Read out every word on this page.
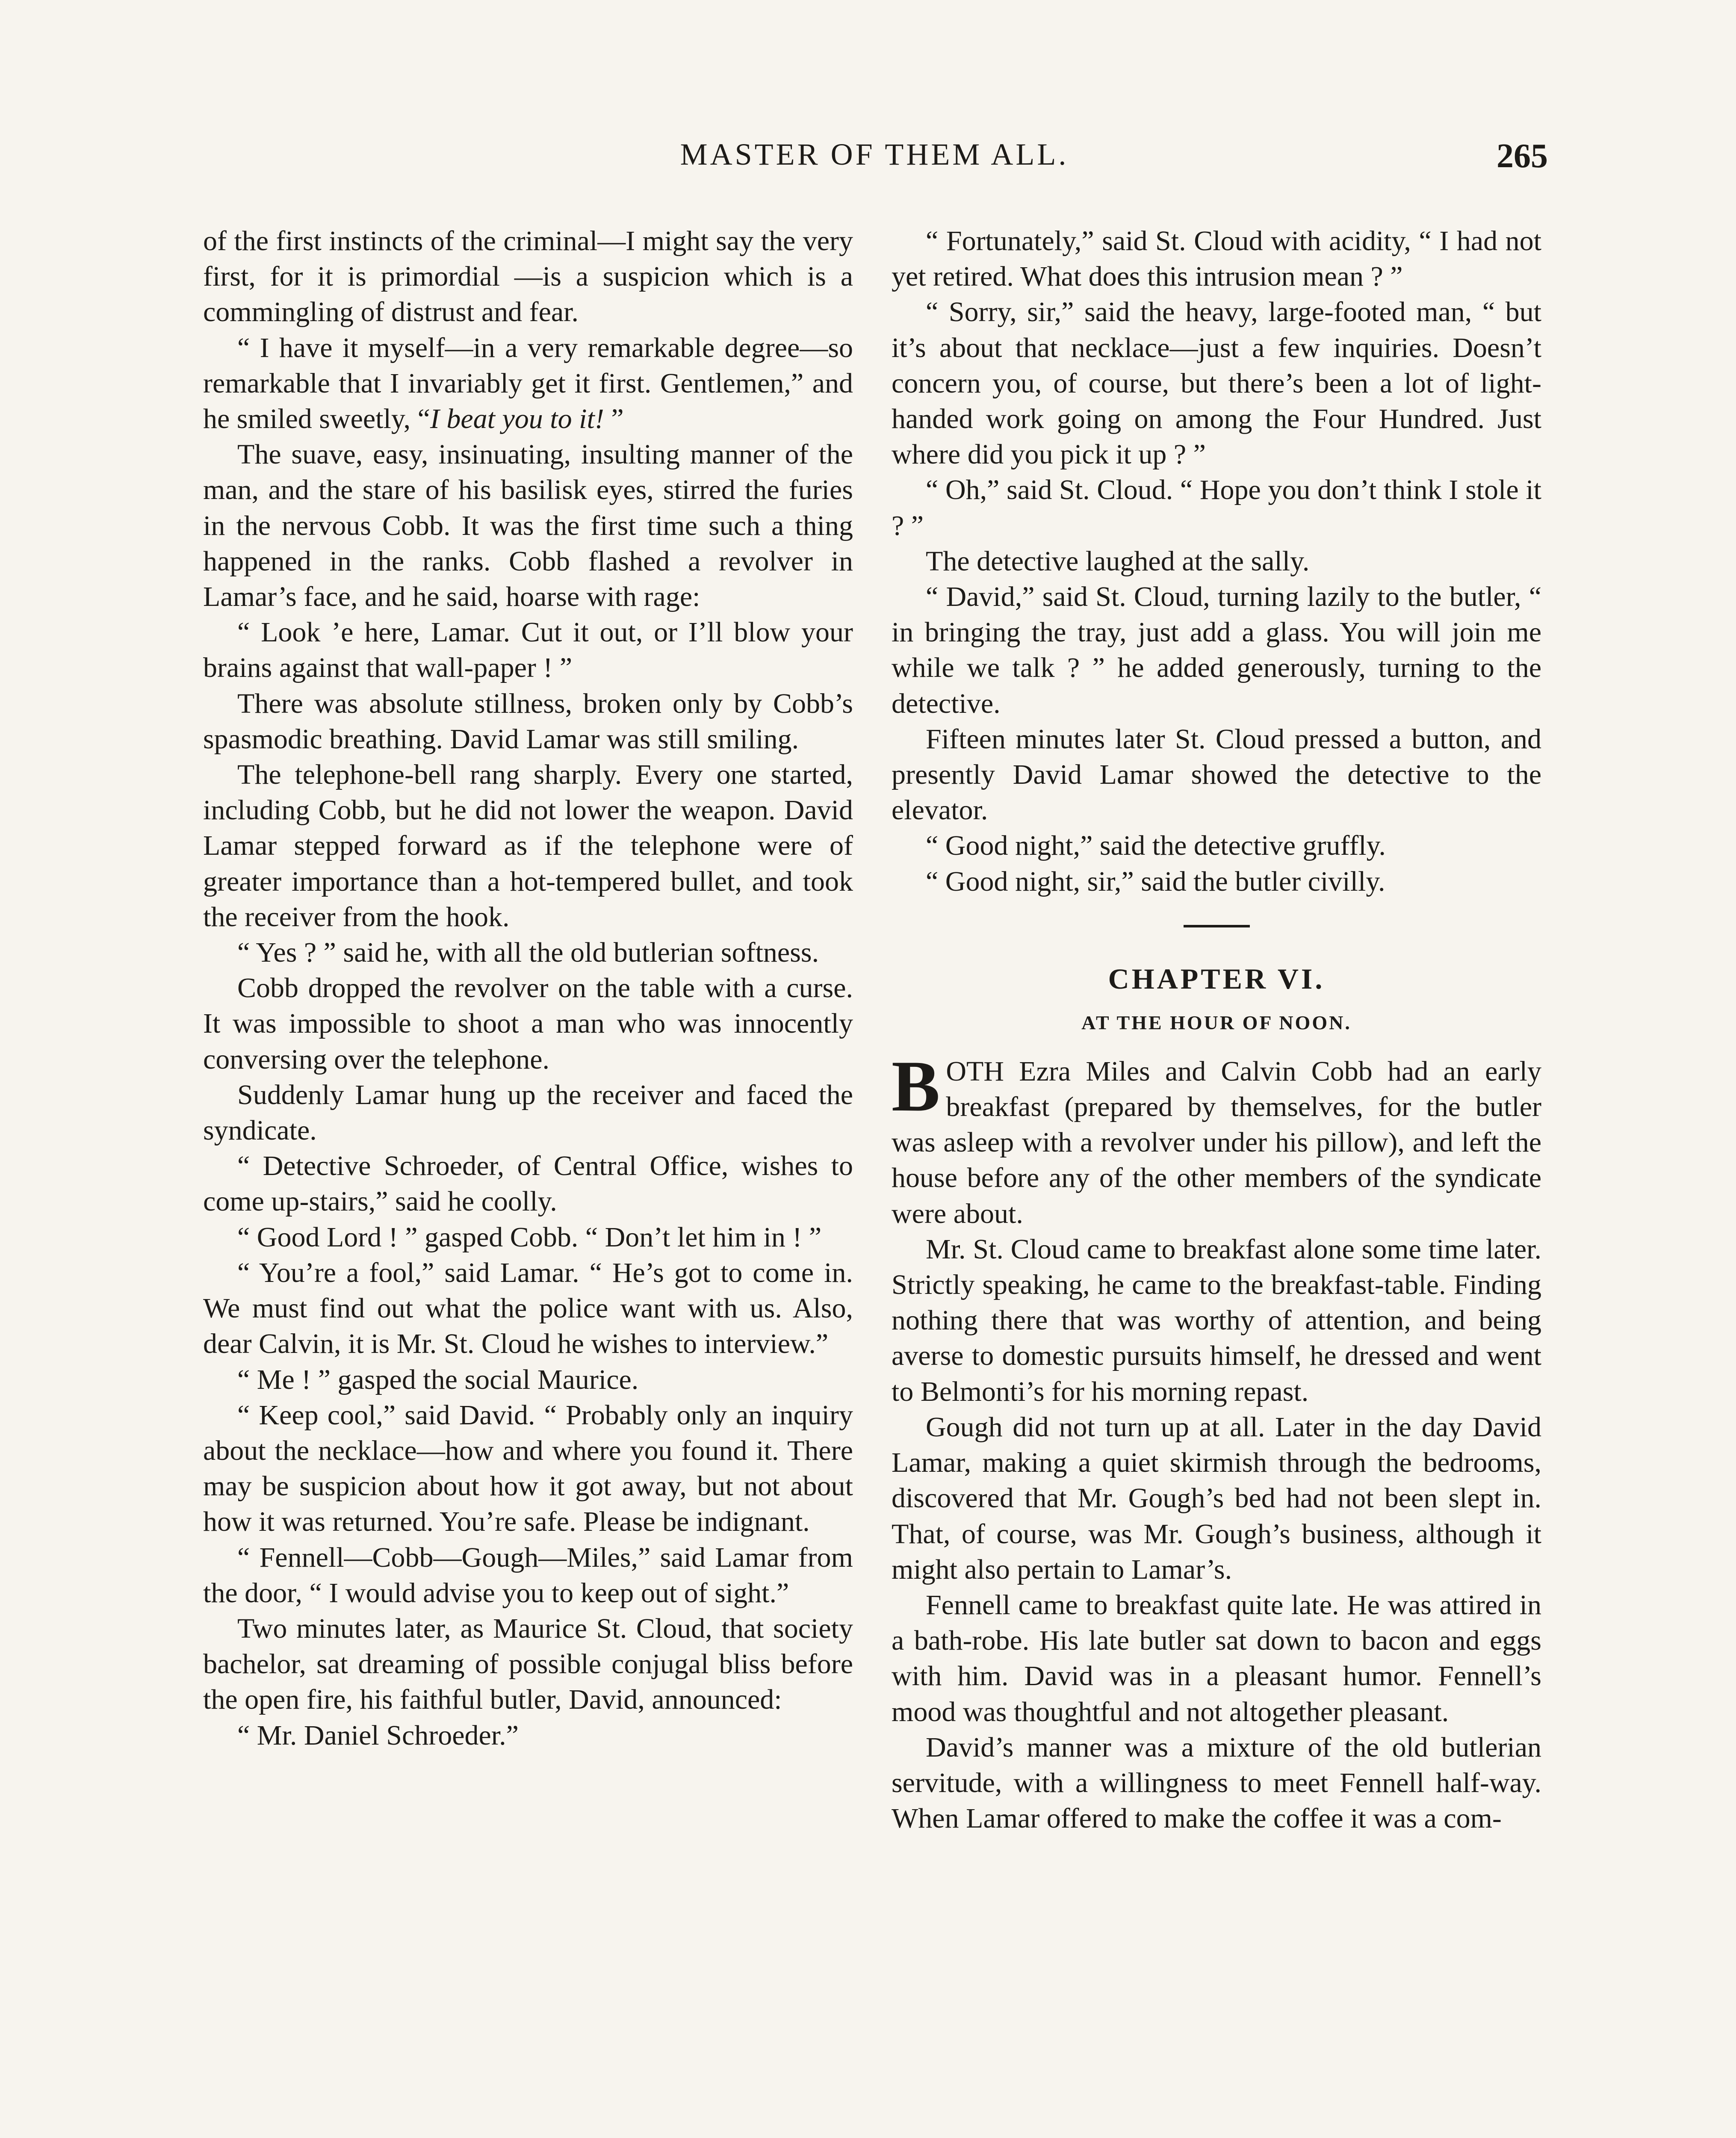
MASTER OF THEM ALL.	265

of the first instincts of the criminal—I might say the very first, for it is primordial —is a suspicion which is a commingling of distrust and fear.

“ I have it myself—in a very remarkable degree—so remarkable that I invariably get it first. Gentlemen,” and he smiled sweetly, “I beat you to it! ”

The suave, easy, insinuating, insulting manner of the man, and the stare of his basilisk eyes, stirred the furies in the nervous Cobb. It was the first time such a thing happened in the ranks. Cobb flashed a revolver in Lamar’s face, and he said, hoarse with rage:

“ Look ’e here, Lamar. Cut it out, or I’ll blow your brains against that wall-paper ! ”

There was absolute stillness, broken only by Cobb’s spasmodic breathing. David Lamar was still smiling.

The telephone-bell rang sharply. Every one started, including Cobb, but he did not lower the weapon. David Lamar stepped forward as if the telephone were of greater importance than a hot-tempered bullet, and took the receiver from the hook.

“ Yes ? ” said he, with all the old butlerian softness.

Cobb dropped the revolver on the table with a curse. It was impossible to shoot a man who was innocently conversing over the telephone.

Suddenly Lamar hung up the receiver and faced the syndicate.

“ Detective Schroeder, of Central Office, wishes to come up-stairs,” said he coolly.

“ Good Lord ! ” gasped Cobb. “ Don’t let him in ! ”

“ You’re a fool,” said Lamar. “ He’s got to come in. We must find out what the police want with us. Also, dear Calvin, it is Mr. St. Cloud he wishes to interview.”

“ Me ! ” gasped the social Maurice.

“ Keep cool,” said David. “ Probably only an inquiry about the necklace—how and where you found it. There may be suspicion about how it got away, but not about how it was returned. You’re safe. Please be indignant.

“ Fennell—Cobb—Gough—Miles,” said Lamar from the door, “ I would advise you to keep out of sight.”

Two minutes later, as Maurice St. Cloud, that society bachelor, sat dreaming of possible conjugal bliss before the open fire, his faithful butler, David, announced:

“ Mr. Daniel Schroeder.”

“ Fortunately,” said St. Cloud with acidity, “ I had not yet retired. What does this intrusion mean ? ”

“ Sorry, sir,” said the heavy, large-footed man, “ but it’s about that necklace—just a few inquiries. Doesn’t concern you, of course, but there’s been a lot of light-handed work going on among the Four Hundred. Just where did you pick it up ? ”

“ Oh,” said St. Cloud. “ Hope you don’t think I stole it ? ”

The detective laughed at the sally.

“ David,” said St. Cloud, turning lazily to the butler, “ in bringing the tray, just add a glass. You will join me while we talk ? ” he added generously, turning to the detective.

Fifteen minutes later St. Cloud pressed a button, and presently David Lamar showed the detective to the elevator.

“ Good night,” said the detective gruffly.

“ Good night, sir,” said the butler civilly.

CHAPTER VI.
AT THE HOUR OF NOON.

BOTH Ezra Miles and Calvin Cobb had an early breakfast (prepared by themselves, for the butler was asleep with a revolver under his pillow), and left the house before any of the other members of the syndicate were about.

Mr. St. Cloud came to breakfast alone some time later. Strictly speaking, he came to the breakfast-table. Finding nothing there that was worthy of attention, and being averse to domestic pursuits himself, he dressed and went to Belmonti’s for his morning repast.

Gough did not turn up at all. Later in the day David Lamar, making a quiet skirmish through the bedrooms, discovered that Mr. Gough’s bed had not been slept in. That, of course, was Mr. Gough’s business, although it might also pertain to Lamar’s.

Fennell came to breakfast quite late. He was attired in a bath-robe. His late butler sat down to bacon and eggs with him. David was in a pleasant humor. Fennell’s mood was thoughtful and not altogether pleasant.

David’s manner was a mixture of the old butlerian servitude, with a willingness to meet Fennell half-way. When Lamar offered to make the coffee it was a com-
